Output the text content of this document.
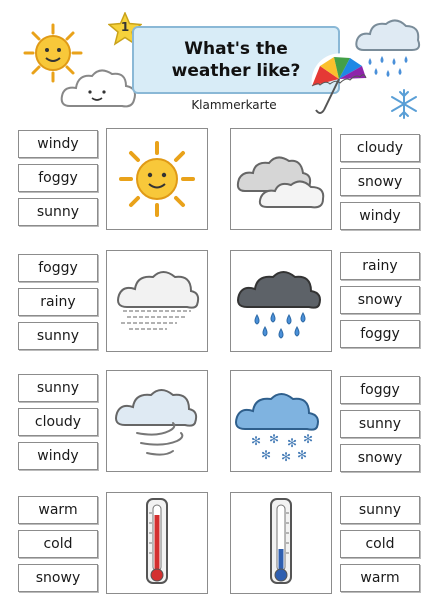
1
What's the
weather like?
Klammerkarte
windy
foggy
sunny
cloudy
snowy
windy
foggy
rainy
sunny
rainy
snowy
foggy
sunny
cloudy
windy
✻ ✻ ✻ ✻
✻ ✻ ✻
foggy
sunny
snowy
warm
cold
snowy
sunny
cold
warm
